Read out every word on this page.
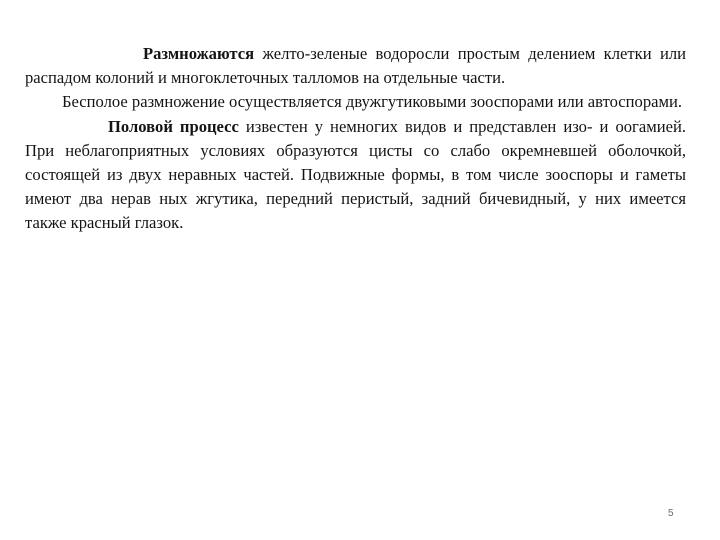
Размножаются желто-зеленые водоросли простым делением клетки или распадом колоний и многоклеточных талломов на отдельные части.

Бесполое размножение осуществляется двужгутиковыми зооспорами или автоспорами.

Половой процесс известен у немногих видов и представлен изо- и оогамией. При неблагоприятных условиях образуются цисты со слабо окремневшей оболочкой, состоящей из двух неравных частей. Подвижные формы, в том числе зооспоры и гаметы имеют два нерав ных жгутика, передний перистый, задний бичевидный, у них имеется также красный глазок.

5
